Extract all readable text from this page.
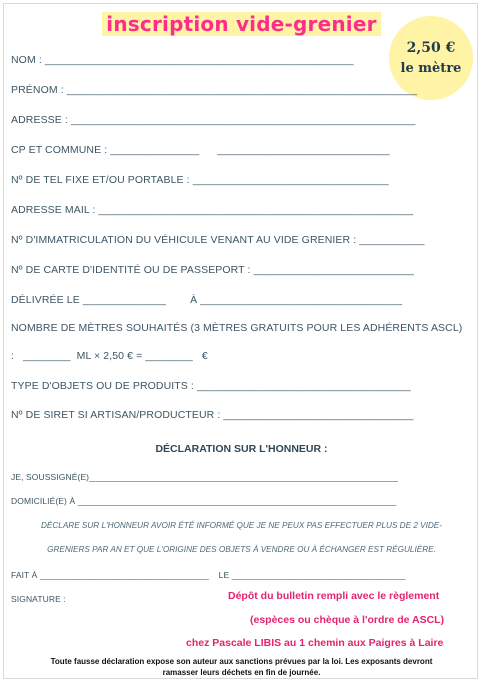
inscription vide-grenier
2,50 €
le mètre
NOM : ____________________________________________________
PRÉNOM : ___________________________________________________________
ADRESSE : __________________________________________________________
CP ET COMMUNE : _______________      _____________________________
Nº DE TEL FIXE ET/OU PORTABLE : _________________________________
ADRESSE MAIL : _____________________________________________________
Nº D'IMMATRICULATION DU VÉHICULE VENANT AU VIDE GRENIER : ___________
Nº DE CARTE D'IDENTITÉ OU DE PASSEPORT : ___________________________
DÉLIVRÉE LE ______________        À __________________________________
NOMBRE DE MÈTRES SOUHAITÉS (3 MÈTRES GRATUITS POUR LES ADHÉRENTS ASCL)
:   ________  ML × 2,50 € = ________   €
TYPE D'OBJETS OU DE PRODUITS : ____________________________________
Nº DE SIRET SI ARTISAN/PRODUCTEUR : ________________________________
DÉCLARATION SUR L'HONNEUR :
JE, SOUSSIGNÉ(E)________________________________________________________________
DOMICILIÉ(E) À __________________________________________________________________
DÉCLARE SUR L'HONNEUR AVOIR ÉTÉ INFORMÉ QUE JE NE PEUX PAS EFFECTUER PLUS DE 2 VIDE-
GRENIERS PAR AN ET QUE L'ORIGINE DES OBJETS À VENDRE OU À ÉCHANGER EST RÉGULIÈRE.
FAIT À ___________________________________    LE ____________________________________
SIGNATURE :	Dépôt du bulletin rempli avec le règlement
(espèces ou chèque à l'ordre de ASCL)
chez Pascale LIBIS au 1 chemin aux Paigres à Laire
Toute fausse déclaration expose son auteur aux sanctions prévues par la loi. Les exposants devront
ramasser leurs déchets en fin de journée.
